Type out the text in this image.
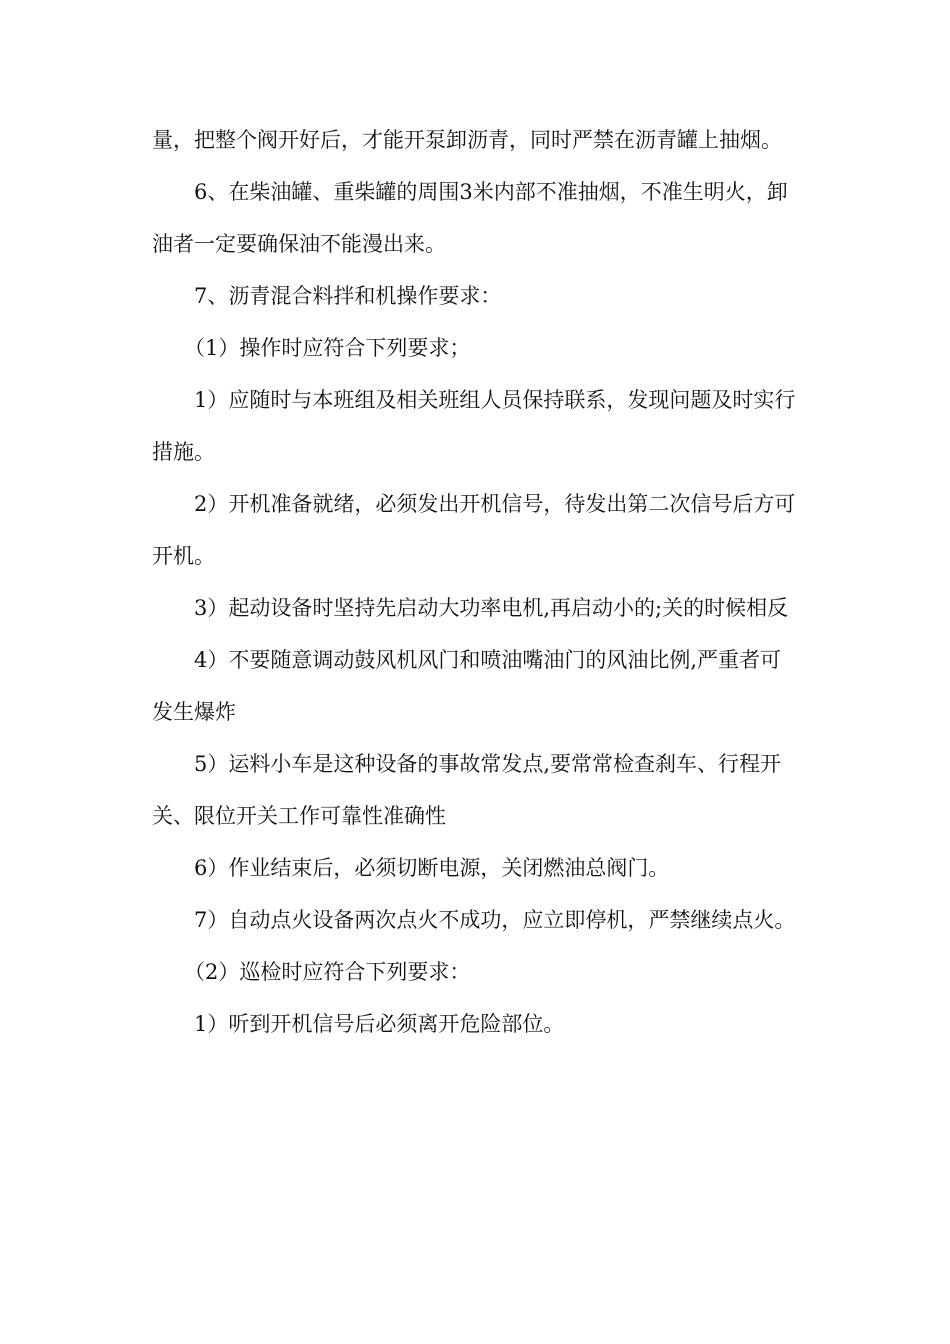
量，把整个阀开好后，才能开泵卸沥青，同时严禁在沥青罐上抽烟。

6、在柴油罐、重柴罐的周围3米内部不准抽烟，不准生明火，卸油者一定要确保油不能漫出来。

7、沥青混合料拌和机操作要求：

（1）操作时应符合下列要求；

1）应随时与本班组及相关班组人员保持联系，发现问题及时实行措施。

2）开机准备就绪，必须发出开机信号，待发出第二次信号后方可开机。

3）起动设备时坚持先启动大功率电机,再启动小的;关的时候相反

4）不要随意调动鼓风机风门和喷油嘴油门的风油比例,严重者可发生爆炸

5）运料小车是这种设备的事故常发点,要常常检查刹车、行程开关、限位开关工作可靠性准确性

6）作业结束后，必须切断电源，关闭燃油总阀门。

7）自动点火设备两次点火不成功，应立即停机，严禁继续点火。

（2）巡检时应符合下列要求：

1）听到开机信号后必须离开危险部位。
